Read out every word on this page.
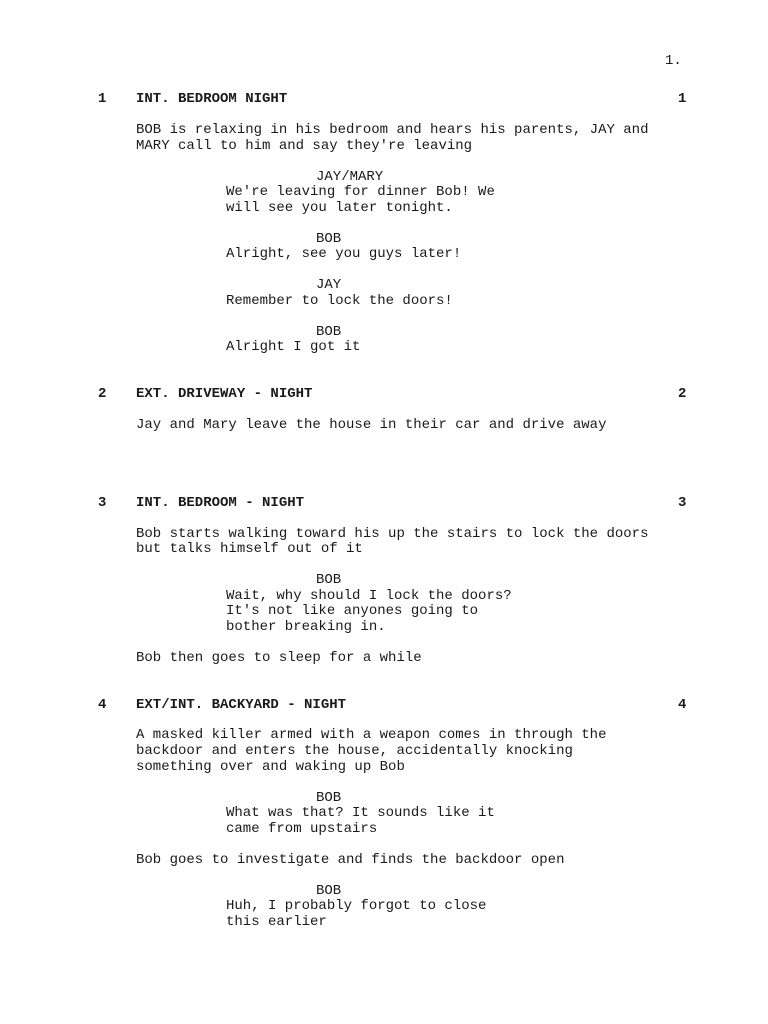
1.
1 INT. BEDROOM NIGHT	1
BOB is relaxing in his bedroom and hears his parents, JAY and
MARY call to him and say they're leaving
JAY/MARY
We're leaving for dinner Bob! We
will see you later tonight.
BOB
Alright, see you guys later!
JAY
Remember to lock the doors!
BOB
Alright I got it
2 EXT. DRIVEWAY - NIGHT	2
Jay and Mary leave the house in their car and drive away
3 INT. BEDROOM - NIGHT	3
Bob starts walking toward his up the stairs to lock the doors
but talks himself out of it
BOB
Wait, why should I lock the doors?
It's not like anyones going to
bother breaking in.
Bob then goes to sleep for a while
4 EXT/INT. BACKYARD - NIGHT	4
A masked killer armed with a weapon comes in through the
backdoor and enters the house, accidentally knocking
something over and waking up Bob
BOB
What was that? It sounds like it
came from upstairs
Bob goes to investigate and finds the backdoor open
BOB
Huh, I probably forgot to close
this earlier
